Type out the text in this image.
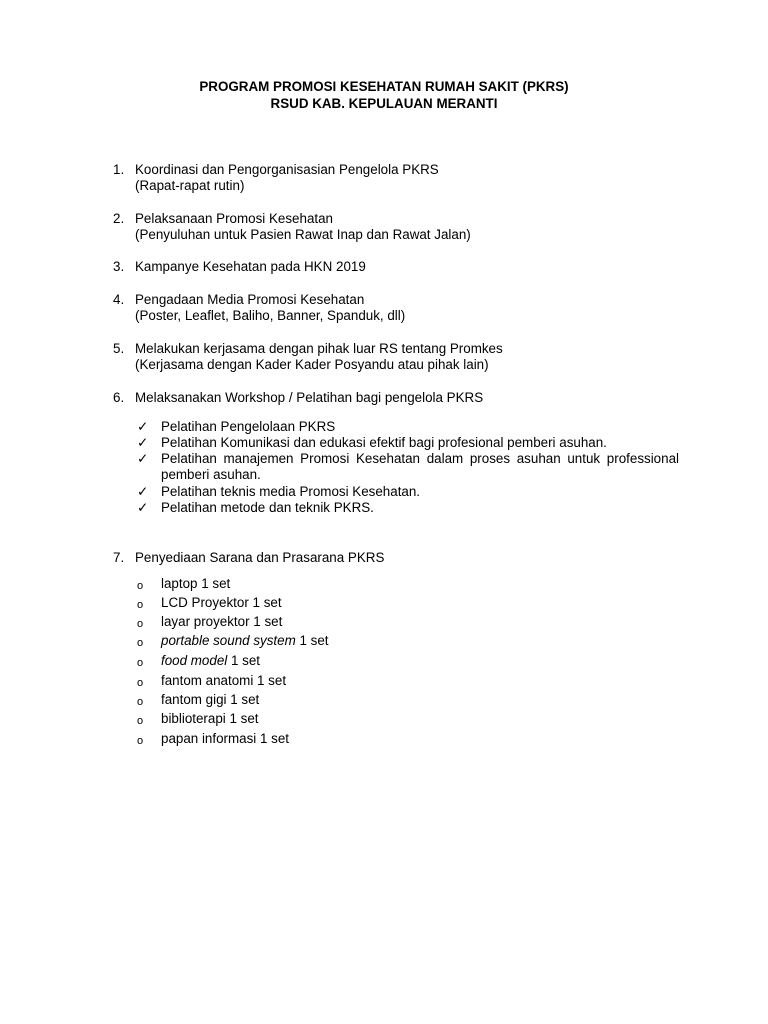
PROGRAM PROMOSI KESEHATAN RUMAH SAKIT (PKRS)
RSUD KAB. KEPULAUAN MERANTI
1. Koordinasi dan Pengorganisasian Pengelola PKRS
(Rapat-rapat rutin)
2. Pelaksanaan Promosi Kesehatan
(Penyuluhan untuk Pasien Rawat Inap dan Rawat Jalan)
3. Kampanye Kesehatan pada HKN 2019
4. Pengadaan Media Promosi Kesehatan
(Poster, Leaflet, Baliho, Banner, Spanduk, dll)
5. Melakukan kerjasama dengan pihak luar RS tentang Promkes
(Kerjasama dengan Kader Kader Posyandu atau pihak lain)
6. Melaksanakan Workshop / Pelatihan bagi pengelola PKRS
✓ Pelatihan Pengelolaan PKRS
✓ Pelatihan Komunikasi dan edukasi efektif bagi profesional pemberi asuhan.
✓ Pelatihan manajemen Promosi Kesehatan dalam proses asuhan untuk professional pemberi asuhan.
✓ Pelatihan teknis media Promosi Kesehatan.
✓ Pelatihan metode dan teknik PKRS.
7. Penyediaan Sarana dan Prasarana PKRS
o laptop 1 set
o LCD Proyektor 1 set
o layar proyektor 1 set
o portable sound system 1 set
o food model 1 set
o fantom anatomi 1 set
o fantom gigi 1 set
o biblioterapi 1 set
o papan informasi 1 set
